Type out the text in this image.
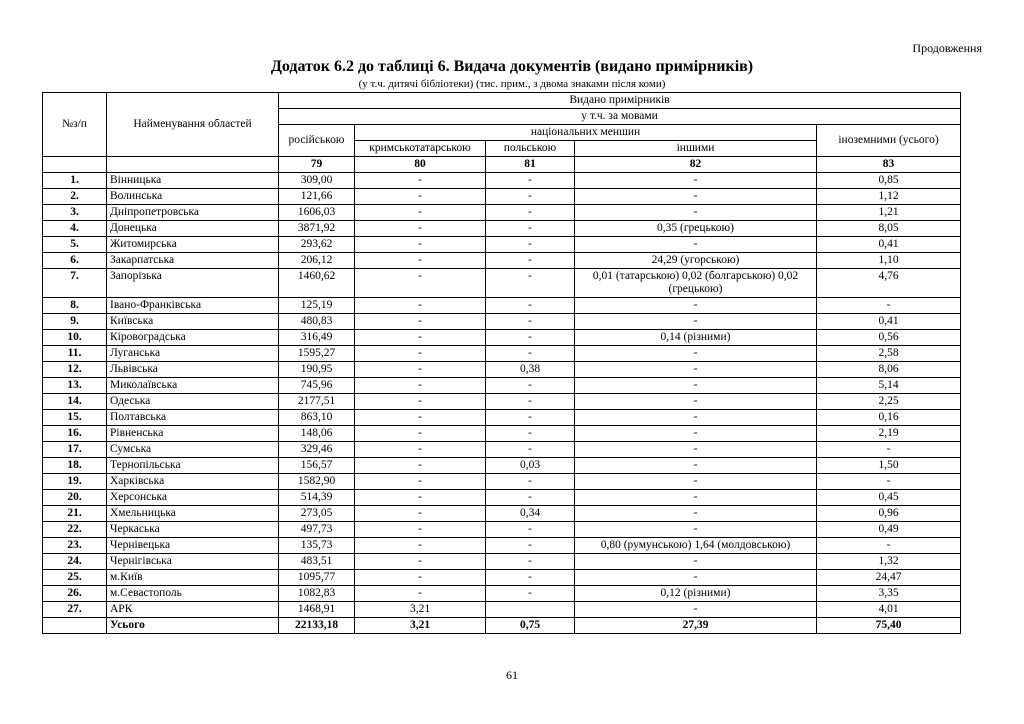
Продовження
Додаток 6.2 до таблиці 6. Видача документів (видано примірників)
(у т.ч. дитячі бібліотеки) (тис. прим., з двома знаками після коми)
№з/п	Найменування областей	Видано примірників				
		у т.ч. за мовами				
		російською	національних меншин			іноземними (усього)
			кримськотатарською	польською	іншими	
		79	80	81	82	83
1.	Вінницька	309,00	-	-	-	0,85
2.	Волинська	121,66	-	-	-	1,12
3.	Дніпропетровська	1606,03	-	-	-	1,21
4.	Донецька	3871,92	-	-	0,35 (грецькою)	8,05
5.	Житомирська	293,62	-	-	-	0,41
6.	Закарпатська	206,12	-	-	24,29 (угорською)	1,10
7.	Запорізька	1460,62	-	-	0,01 (татарською) 0,02 (болгарською) 0,02 (грецькою)	4,76
8.	Івано-Франківська	125,19	-	-	-	-
9.	Київська	480,83	-	-	-	0,41
10.	Кіровоградська	316,49	-	-	0,14 (різними)	0,56
11.	Луганська	1595,27	-	-	-	2,58
12.	Львівська	190,95	-	0,38	-	8,06
13.	Миколаївська	745,96	-	-	-	5,14
14.	Одеська	2177,51	-	-	-	2,25
15.	Полтавська	863,10	-	-	-	0,16
16.	Рівненська	148,06	-	-	-	2,19
17.	Сумська	329,46	-	-	-	-
18.	Тернопільська	156,57	-	0,03	-	1,50
19.	Харківська	1582,90	-	-	-	-
20.	Херсонська	514,39	-	-	-	0,45
21.	Хмельницька	273,05	-	0,34	-	0,96
22.	Черкаська	497,73	-	-	-	0,49
23.	Чернівецька	135,73	-	-	0,80 (румунською) 1,64 (молдовською)	-
24.	Чернігівська	483,51	-	-	-	1,32
25.	м.Київ	1095,77	-	-	-	24,47
26.	м.Севастополь	1082,83	-	-	0,12 (різними)	3,35
27.	АРК	1468,91	3,21		-	4,01
	Усього	22133,18	3,21	0,75	27,39	75,40
61
